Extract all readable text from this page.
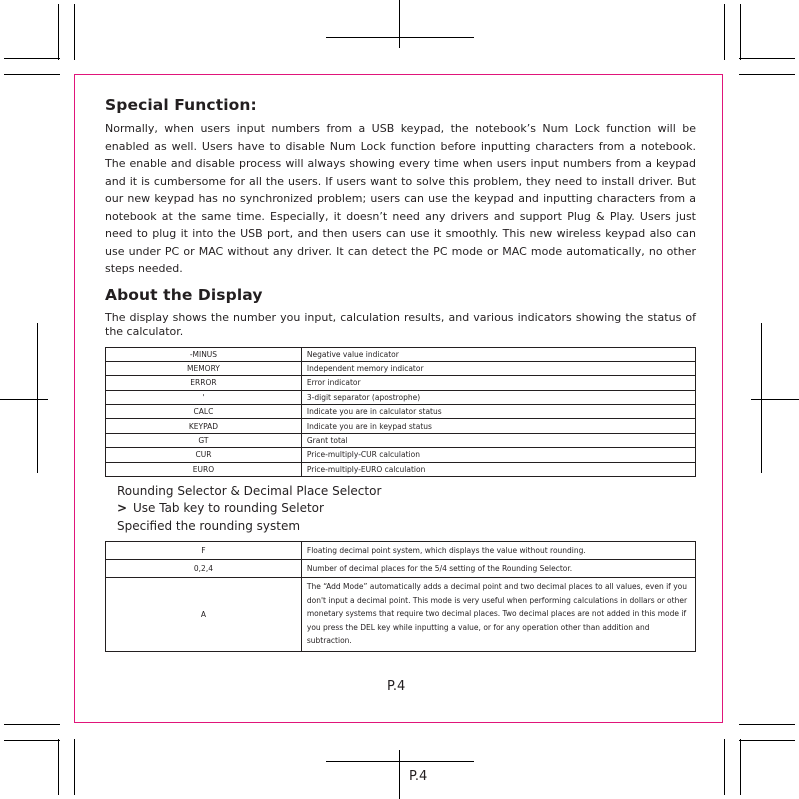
Special Function:

Normally, when users input numbers from a USB keypad, the notebook’s Num Lock function will be enabled as well. Users have to disable Num Lock function before inputting characters from a notebook. The enable and disable process will always showing every time when users input numbers from a keypad and it is cumbersome for all the users. If users want to solve this problem, they need to install driver. But our new keypad has no synchronized problem; users can use the keypad and inputting characters from a notebook at the same time. Especially, it doesn’t need any drivers and support Plug & Play. Users just need to plug it into the USB port, and then users can use it smoothly. This new wireless keypad also can use under PC or MAC without any driver. It can detect the PC mode or MAC mode automatically, no other steps needed.

About the Display

The display shows the number you input, calculation results, and various indicators showing the status of the calculator.

-MINUS	Negative value indicator
MEMORY	Independent memory indicator
ERROR	Error indicator
'	3-digit separator (apostrophe)
CALC	Indicate you are in calculator status
KEYPAD	Indicate you are in keypad status
GT	Grant total
CUR	Price-multiply-CUR calculation
EURO	Price-multiply-EURO calculation
Rounding Selector & Decimal Place Selector
> Use Tab key to rounding Seletor
Specified the rounding system
F	Floating decimal point system, which displays the value without rounding.
0,2,4	Number of decimal places for the 5/4 setting of the Rounding Selector.
A	The “Add Mode” automatically adds a decimal point and two decimal places to all values, even if you don't input a decimal point. This mode is very useful when performing calculations in dollars or other monetary systems that require two decimal places. Two decimal places are not added in this mode if you press the DEL key while inputting a value, or for any operation other than addition and subtraction.
P.4
P.4
